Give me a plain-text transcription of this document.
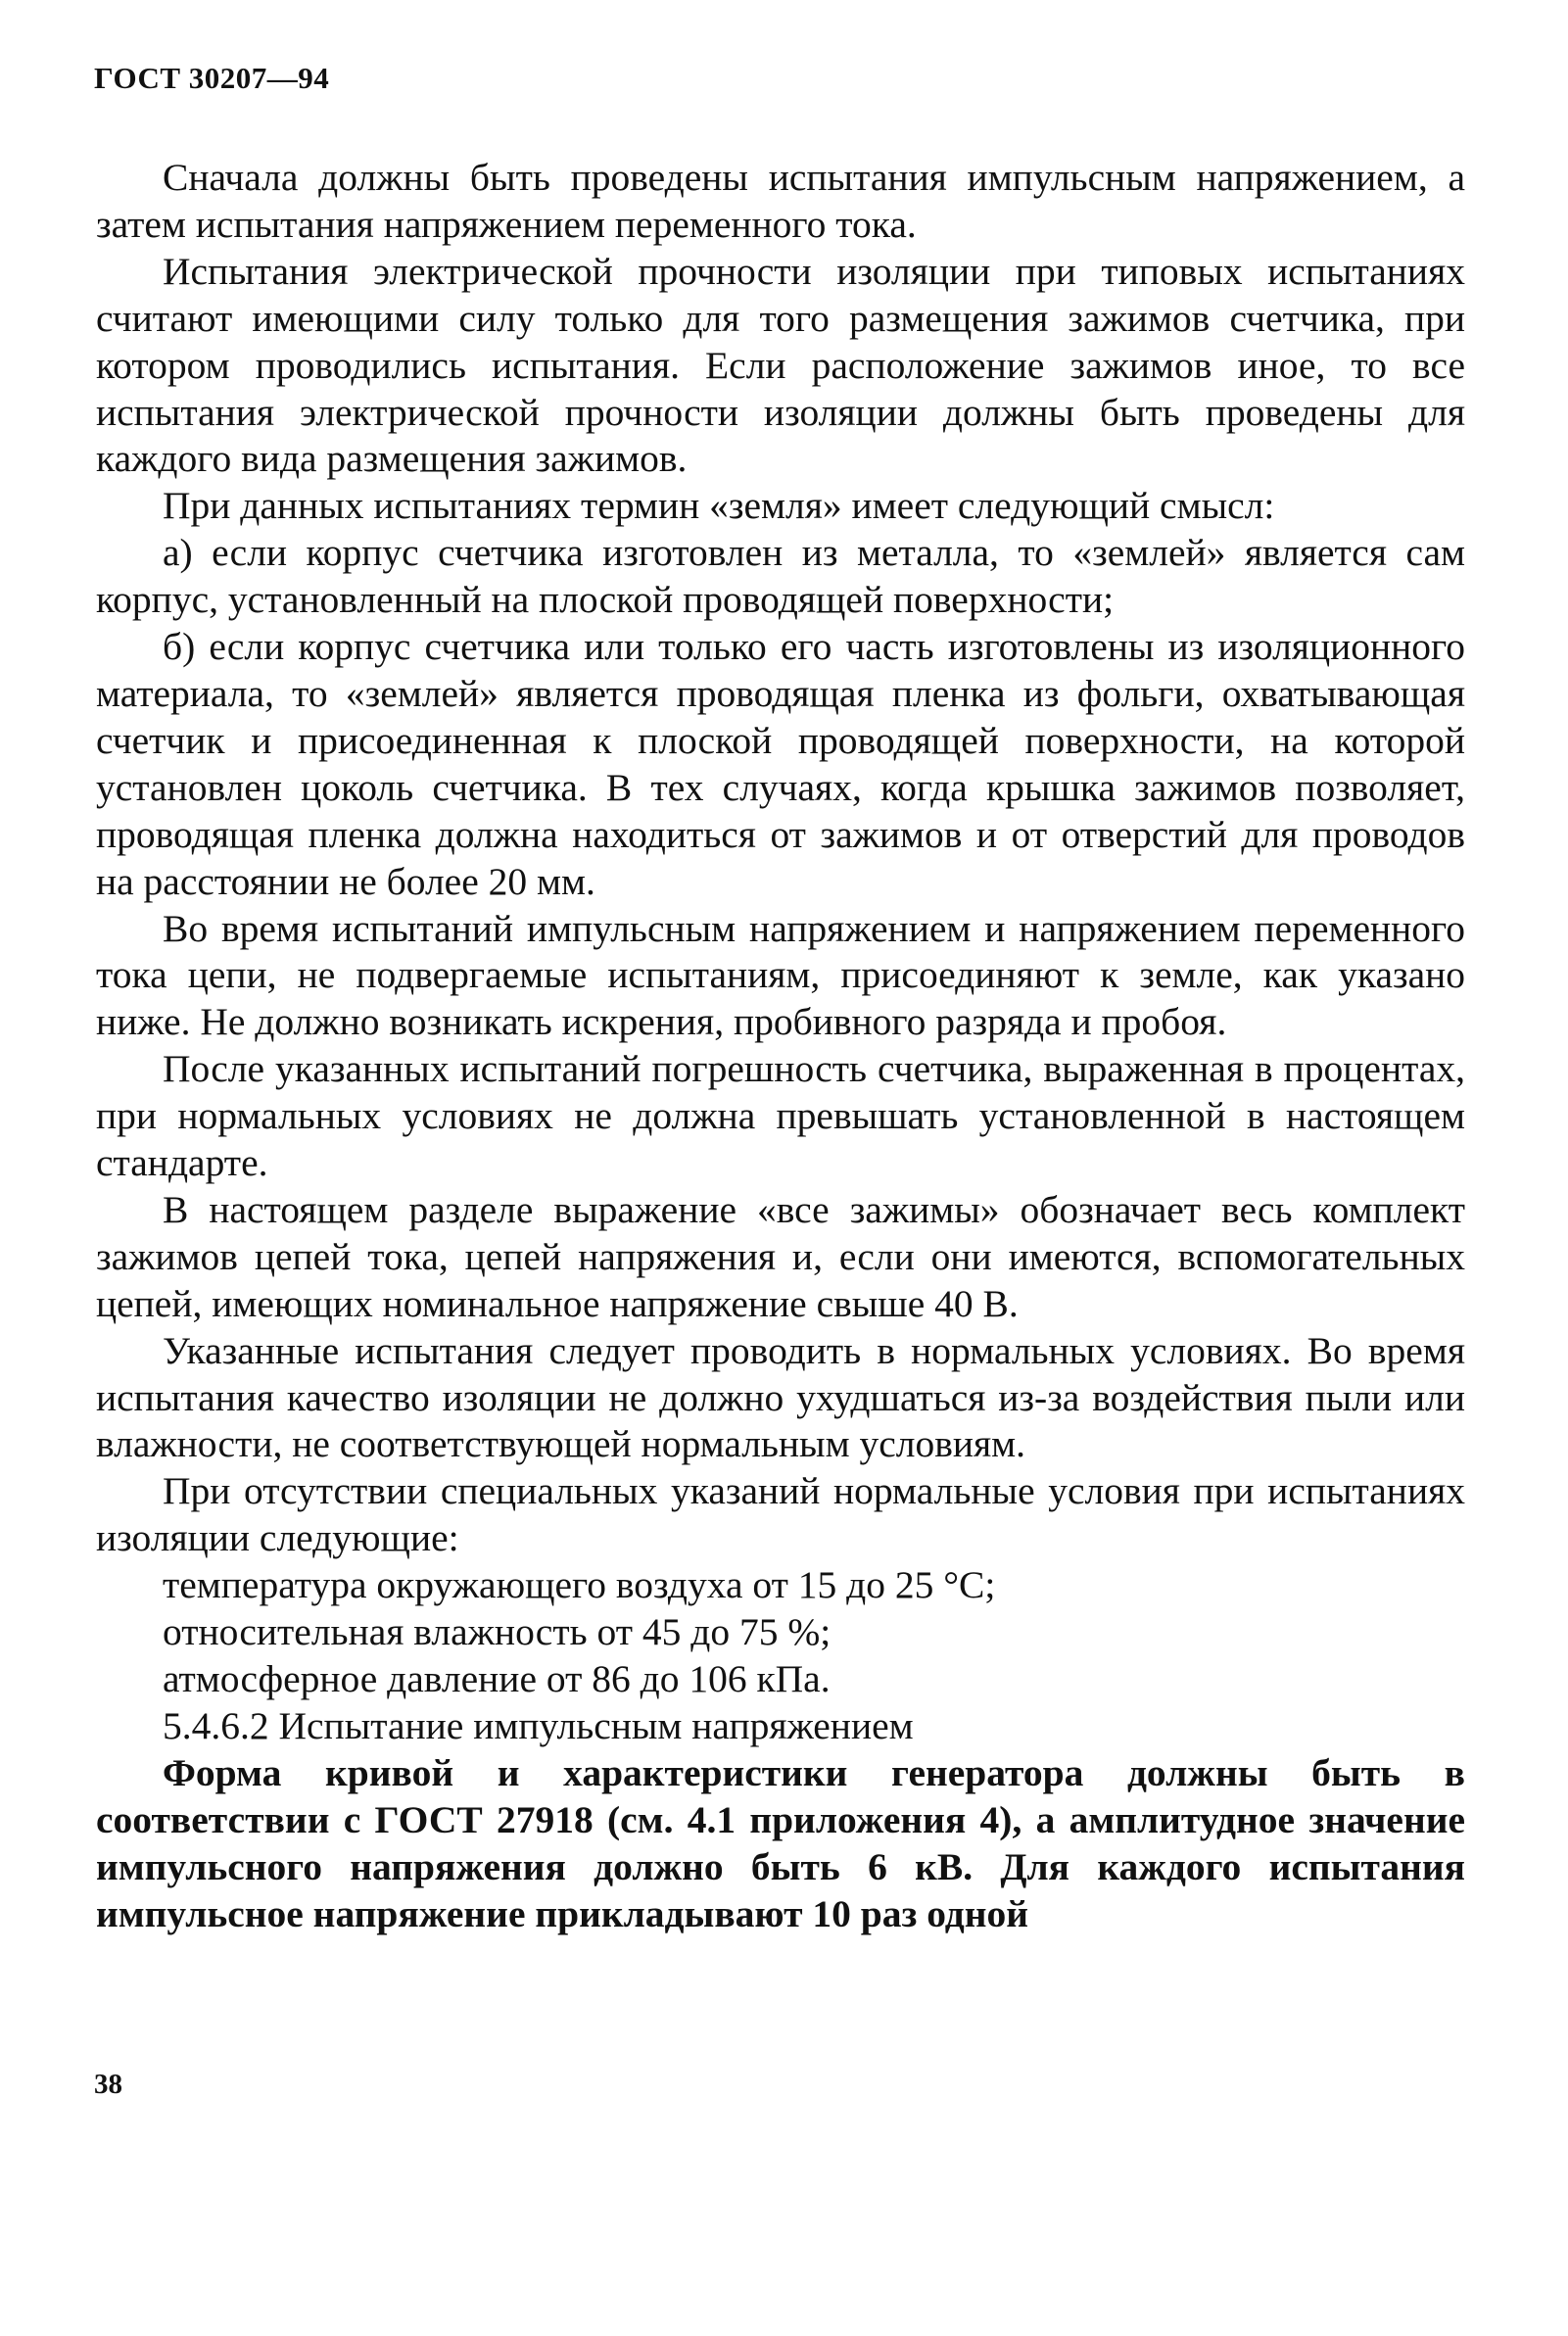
ГОСТ 30207—94

Сначала должны быть проведены испытания импульсным напряжением, а затем испытания напряжением переменного тока.

Испытания электрической прочности изоляции при типовых испытаниях считают имеющими силу только для того размещения зажимов счетчика, при котором проводились испытания. Если расположение зажимов иное, то все испытания электрической прочности изоляции должны быть проведены для каждого вида размещения зажимов.

При данных испытаниях термин «земля» имеет следующий смысл:

а) если корпус счетчика изготовлен из металла, то «землей» является сам корпус, установленный на плоской проводящей поверхности;

б) если корпус счетчика или только его часть изготовлены из изоляционного материала, то «землей» является проводящая пленка из фольги, охватывающая счетчик и присоединенная к плоской проводящей поверхности, на которой установлен цоколь счетчика. В тех случаях, когда крышка зажимов позволяет, проводящая пленка должна находиться от зажимов и от отверстий для проводов на расстоянии не более 20 мм.

Во время испытаний импульсным напряжением и напряжением переменного тока цепи, не подвергаемые испытаниям, присоединяют к земле, как указано ниже. Не должно возникать искрения, пробивного разряда и пробоя.

После указанных испытаний погрешность счетчика, выраженная в процентах, при нормальных условиях не должна превышать установленной в настоящем стандарте.

В настоящем разделе выражение «все зажимы» обозначает весь комплект зажимов цепей тока, цепей напряжения и, если они имеются, вспомогательных цепей, имеющих номинальное напряжение свыше 40 В.

Указанные испытания следует проводить в нормальных условиях. Во время испытания качество изоляции не должно ухудшаться из-за воздействия пыли или влажности, не соответствующей нормальным условиям.

При отсутствии специальных указаний нормальные условия при испытаниях изоляции следующие:

температура окружающего воздуха от 15 до 25 °С;

относительная влажность от 45 до 75 %;

атмосферное давление от 86 до 106 кПа.

5.4.6.2 Испытание импульсным напряжением

Форма кривой и характеристики генератора должны быть в соответствии с ГОСТ 27918 (см. 4.1 приложения 4), а амплитудное значение импульсного напряжения должно быть 6 кВ. Для каждого испытания импульсное напряжение прикладывают 10 раз одной

38
